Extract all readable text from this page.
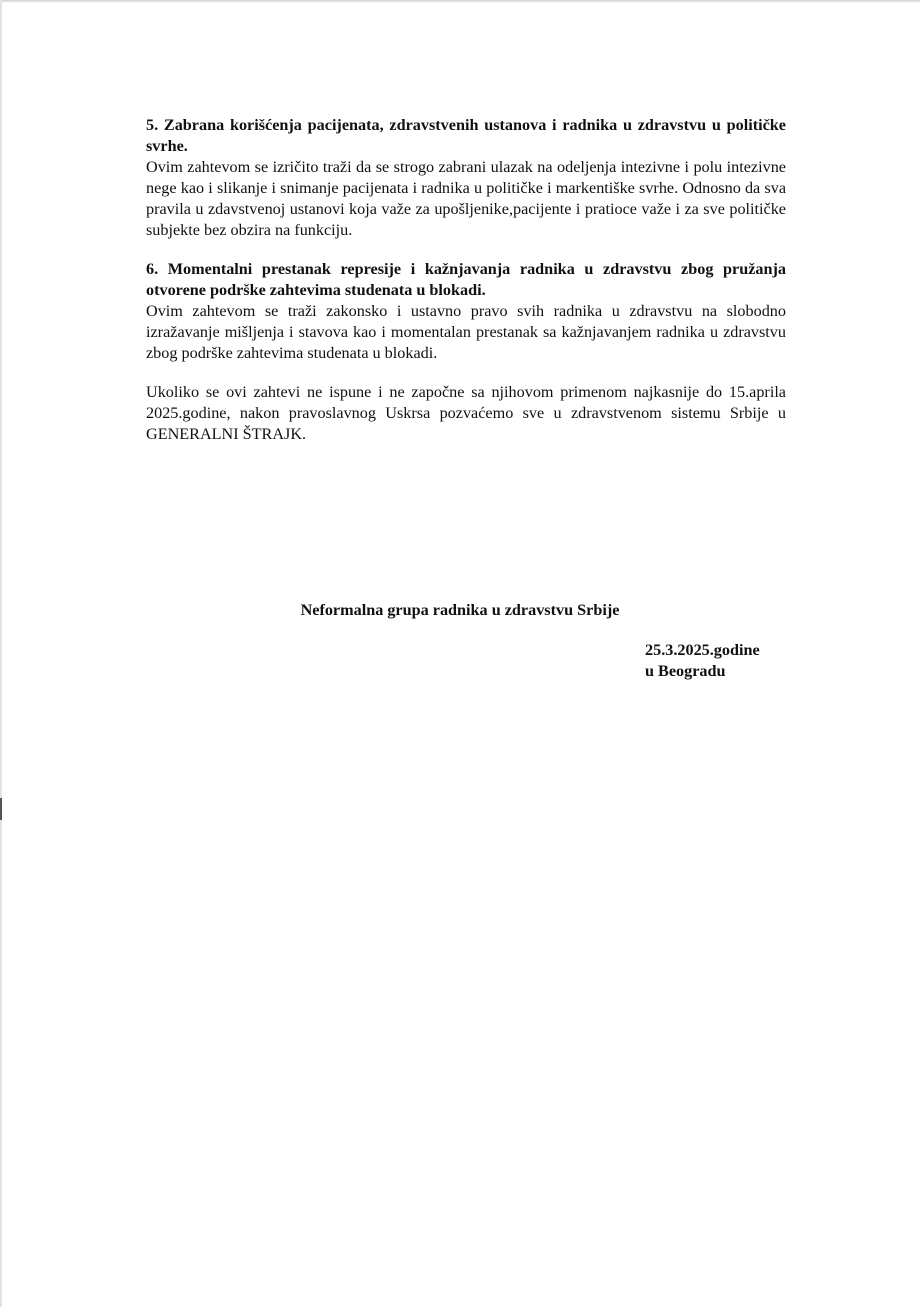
5. Zabrana korišćenja pacijenata, zdravstvenih ustanova i radnika u zdravstvu u političke svrhe.

Ovim zahtevom se izričito traži da se strogo zabrani ulazak na odeljenja intezivne i polu intezivne nege kao i slikanje i snimanje pacijenata i radnika u političke i markentiške svrhe. Odnosno da sva pravila u zdavstvenoj ustanovi koja važe za upošljenike,pacijente i pratioce važe i za sve političke subjekte bez obzira na funkciju.

6. Momentalni prestanak represije i kažnjavanja radnika u zdravstvu zbog pružanja otvorene podrške zahtevima studenata u blokadi.

Ovim zahtevom se traži zakonsko i ustavno pravo svih radnika u zdravstvu na slobodno izražavanje mišljenja i stavova kao i momentalan prestanak sa kažnjavanjem radnika u zdravstvu zbog podrške zahtevima studenata u blokadi.

Ukoliko se ovi zahtevi ne ispune i ne započne sa njihovom primenom najkasnije do 15.aprila 2025.godine, nakon pravoslavnog Uskrsa pozvaćemo sve u zdravstvenom sistemu Srbije u GENERALNI ŠTRAJK.

Neformalna grupa radnika u zdravstvu Srbije
25.3.2025.godine
u Beogradu
